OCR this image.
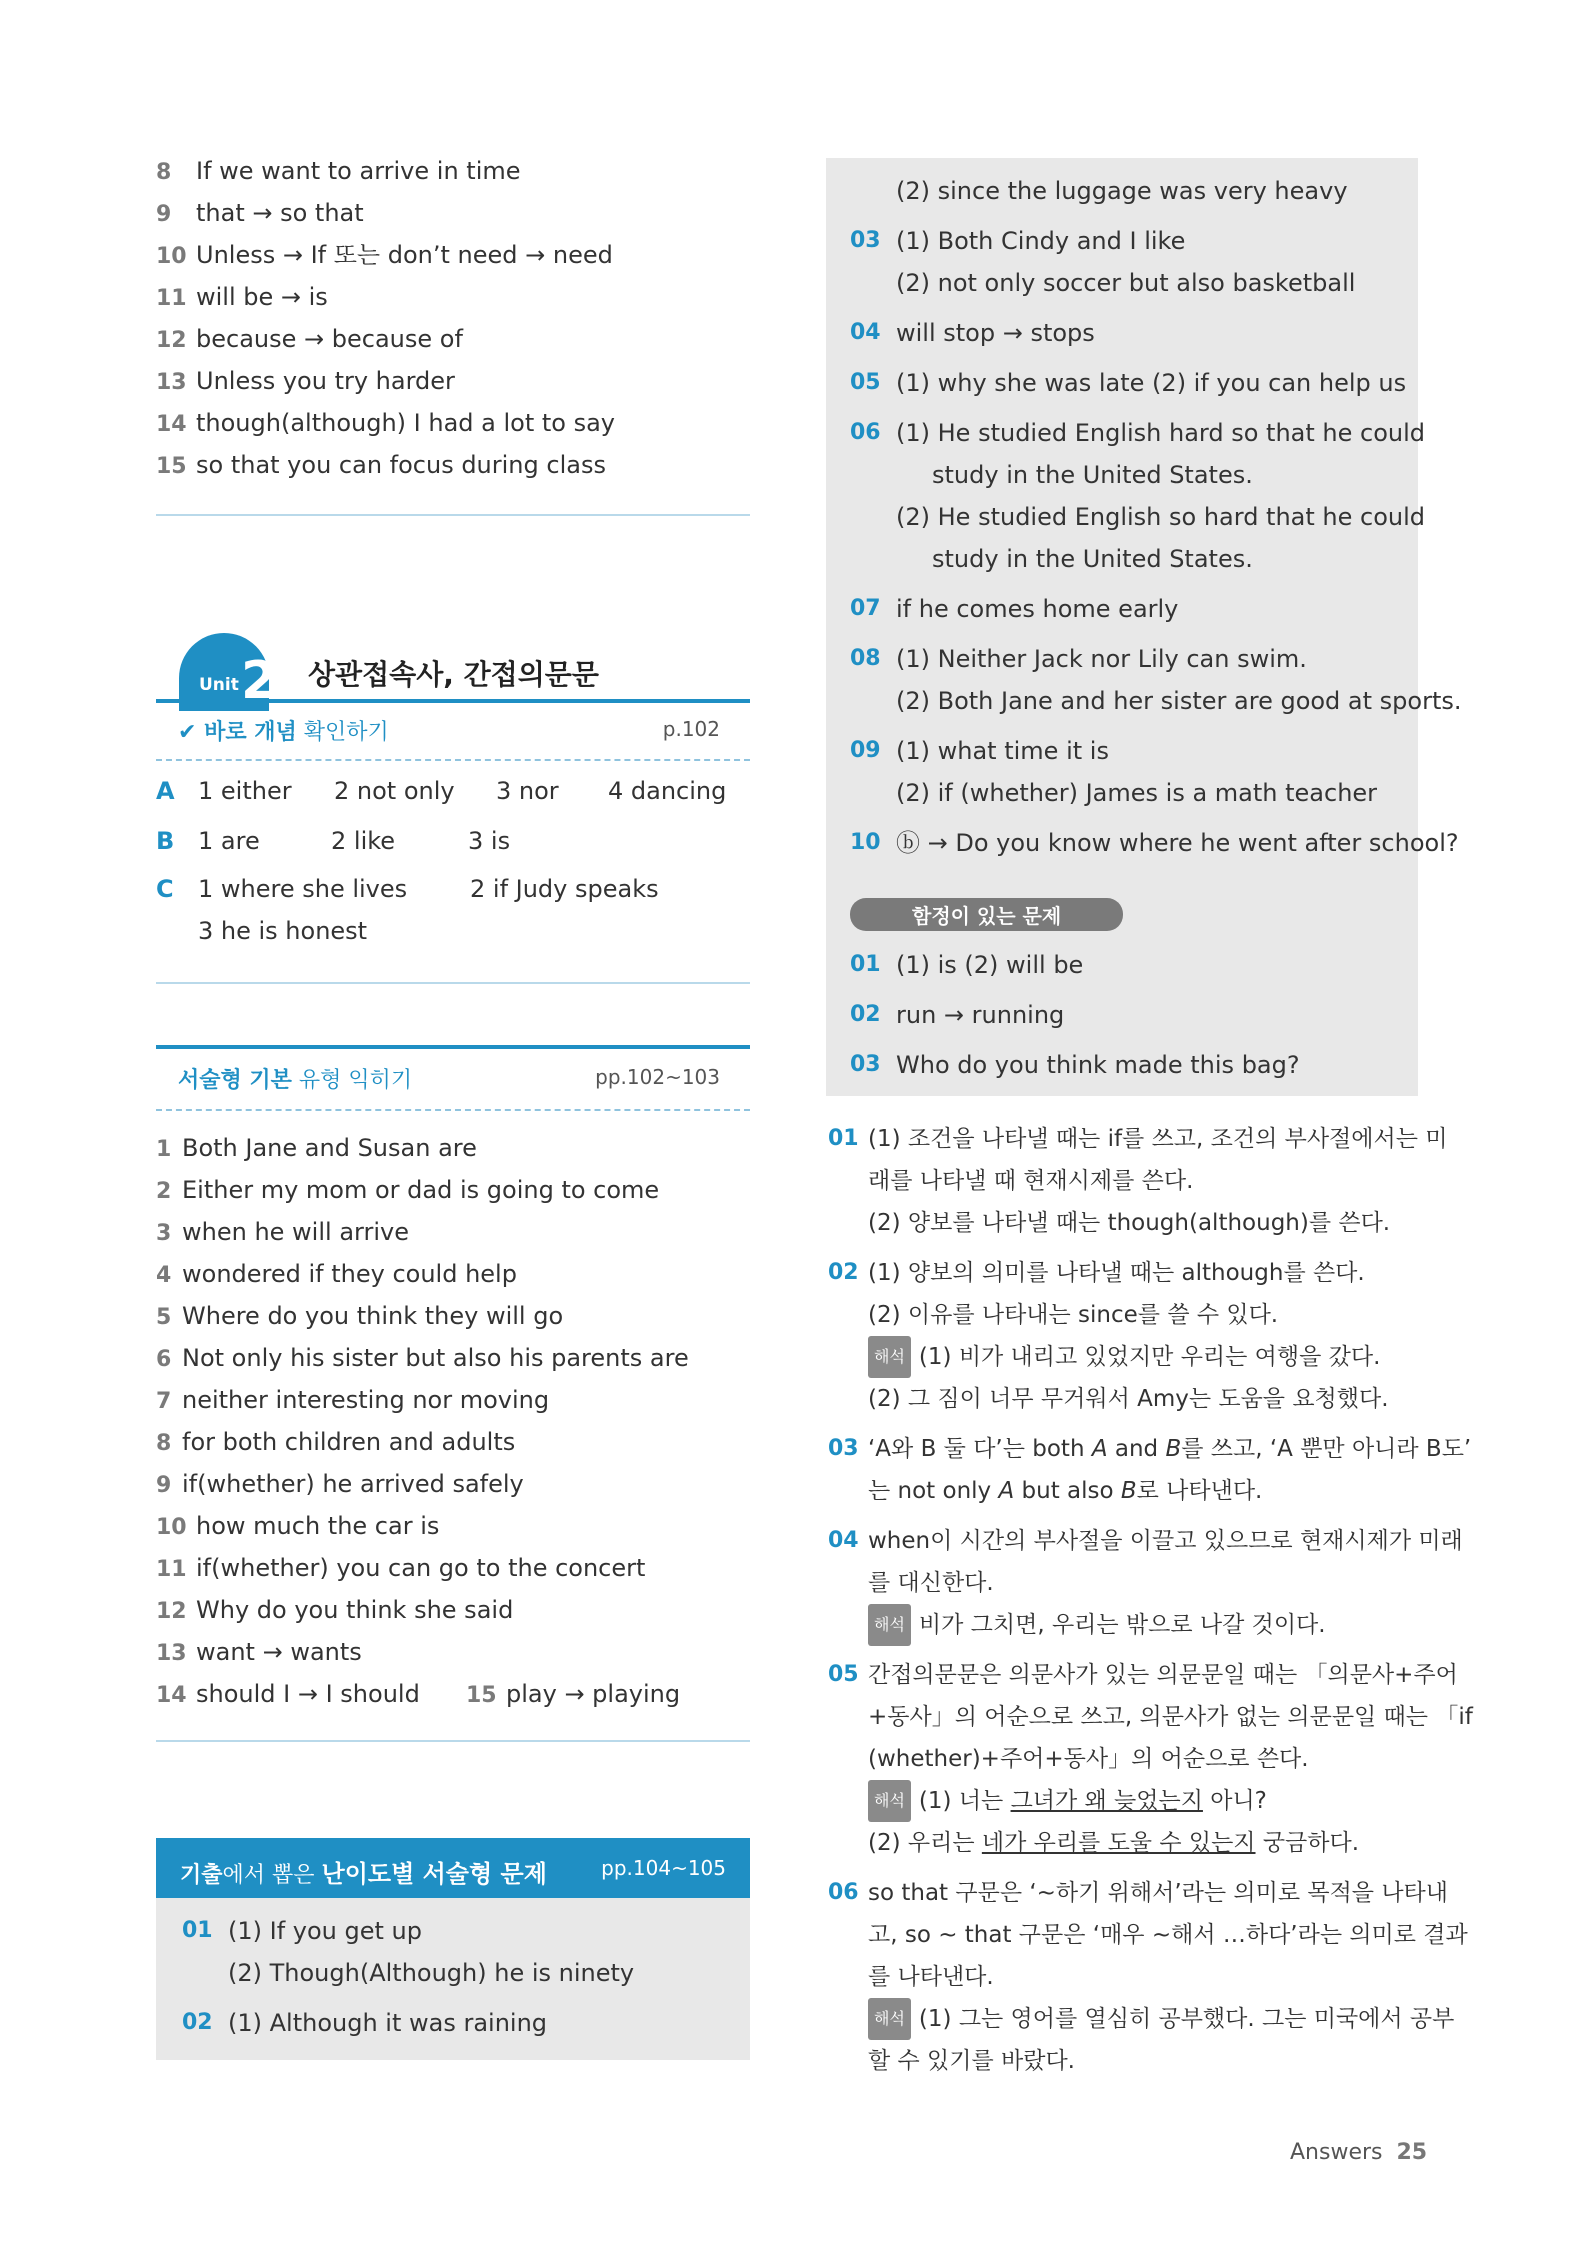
8 If we want to arrive in time
9 that → so that
10 Unless → If 또는 don’t need → need
11 will be → is
12 because → because of
13 Unless you try harder
14 though(although) I had a lot to say
15 so that you can focus during class
Unit 2 상관접속사, 간접의문문
✔ 바로 개념 확인하기	p.102
A 1 either 2 not only 3 nor 4 dancing
B 1 are	2 like	3 is
C 1 where she lives	2 if Judy speaks
3 he is honest
서술형 기본 유형 익히기	pp.102~103
1 Both Jane and Susan are
2 Either my mom or dad is going to come
3 when he will arrive
4 wondered if they could help
5 Where do you think they will go
6 Not only his sister but also his parents are
7 neither interesting nor moving
8 for both children and adults
9 if(whether) he arrived safely
10 how much the car is
11 if(whether) you can go to the concert
12 Why do you think she said
13 want → wants
14 should I → I should 15 play → playing
기출에서 뽑은 난이도별 서술형 문제	pp.104~105
01 (1) If you get up
(2) Though(Although) he is ninety
02 (1) Although it was raining
(2) since the luggage was very heavy
03 (1) Both Cindy and I like
(2) not only soccer but also basketball
04 will stop → stops
05 (1) why she was late (2) if you can help us
06 (1) He studied English hard so that he could
study in the United States.
(2) He studied English so hard that he could
study in the United States.
07 if he comes home early
08 (1) Neither Jack nor Lily can swim.
(2) Both Jane and her sister are good at sports.
09 (1) what time it is
(2) if (whether) James is a math teacher
10 ⓑ → Do you know where he went after school?
함정이 있는 문제
01 (1) is (2) will be
02 run → running
03 Who do you think made this bag?
01 (1) 조건을 나타낼 때는 if를 쓰고, 조건의 부사절에서는 미
래를 나타낼 때 현재시제를 쓴다.
(2) 양보를 나타낼 때는 though(although)를 쓴다.
02 (1) 양보의 의미를 나타낼 때는 although를 쓴다.
(2) 이유를 나타내는 since를 쓸 수 있다.
해석 (1) 비가 내리고 있었지만 우리는 여행을 갔다.
(2) 그 짐이 너무 무거워서 Amy는 도움을 요청했다.
03 ‘A와 B 둘 다’는 both A and B를 쓰고, ‘A 뿐만 아니라 B도’
는 not only A but also B로 나타낸다.
04 when이 시간의 부사절을 이끌고 있으므로 현재시제가 미래
를 대신한다.
해석 비가 그치면, 우리는 밖으로 나갈 것이다.
05 간접의문문은 의문사가 있는 의문문일 때는 「의문사+주어
+동사」의 어순으로 쓰고, 의문사가 없는 의문문일 때는 「if
(whether)+주어+동사」의 어순으로 쓴다.
해석 (1) 너는 그녀가 왜 늦었는지 아니?
(2) 우리는 네가 우리를 도울 수 있는지 궁금하다.
06 so that 구문은 ‘~하기 위해서’라는 의미로 목적을 나타내
고, so ~ that 구문은 ‘매우 ~해서 …하다’라는 의미로 결과
를 나타낸다.
해석 (1) 그는 영어를 열심히 공부했다. 그는 미국에서 공부
할 수 있기를 바랐다.
Answers 25
